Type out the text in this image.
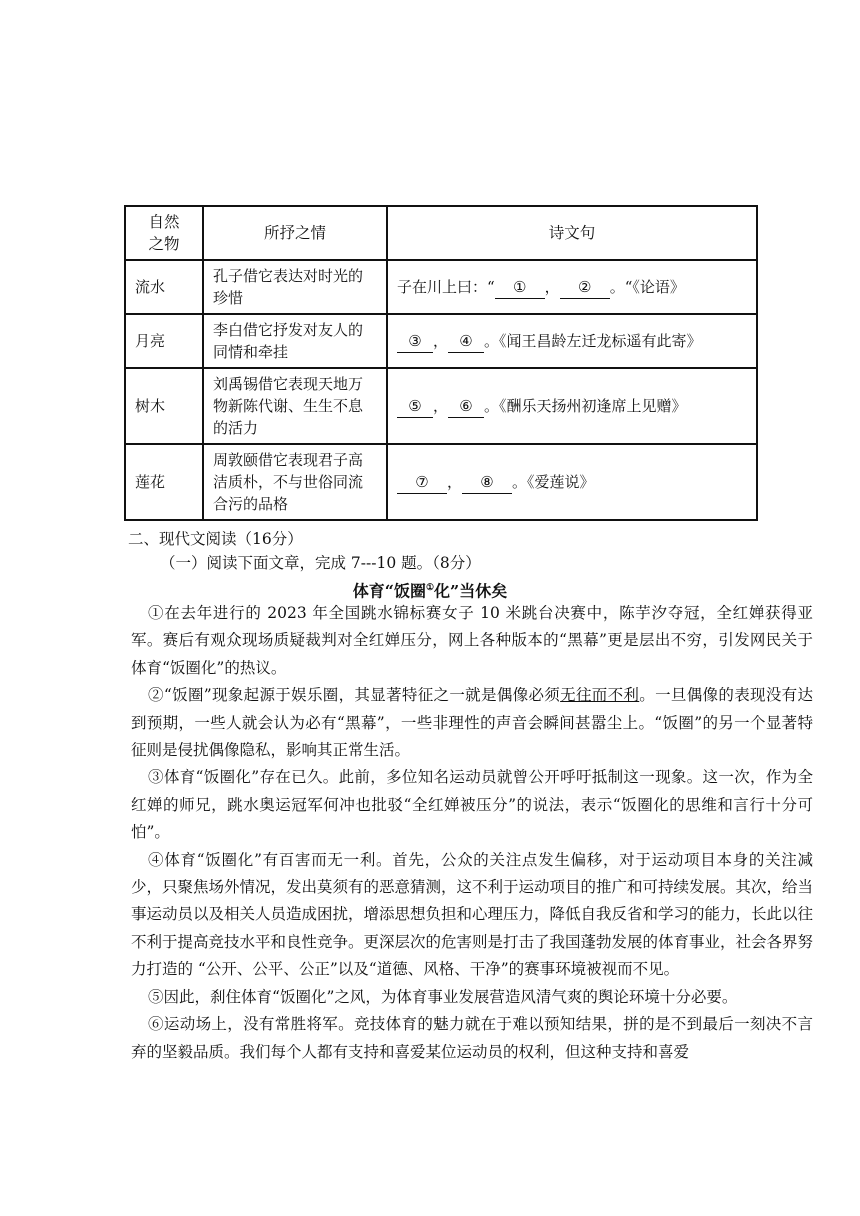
自然
之物	所抒之情	诗文句
流水	孔子借它表达对时光的珍惜	子在川上曰：“ ① ， ② 。“《论语》
月亮	李白借它抒发对友人的同情和牵挂	③ ， ④ 。《闻王昌龄左迁龙标遥有此寄》
树木	刘禹锡借它表现天地万物新陈代谢、生生不息的活力	⑤ ， ⑥ 。《酬乐天扬州初逢席上见赠》
莲花	周敦颐借它表现君子高洁质朴，不与世俗同流合污的品格	⑦ ， ⑧ 。《爱莲说》
二、现代文阅读（16分）
（一）阅读下面文章，完成 7---10 题。（8分）
体育“饭圈①化”当休矣

①在去年进行的 2023 年全国跳水锦标赛女子 10 米跳台决赛中，陈芋汐夺冠，全红婵获得亚军。赛后有观众现场质疑裁判对全红婵压分，网上各种版本的“黑幕”更是层出不穷，引发网民关于体育“饭圈化”的热议。

②“饭圈”现象起源于娱乐圈，其显著特征之一就是偶像必须无往而不利。一旦偶像的表现没有达到预期，一些人就会认为必有“黑幕”，一些非理性的声音会瞬间甚嚣尘上。“饭圈”的另一个显著特征则是侵扰偶像隐私，影响其正常生活。

③体育“饭圈化”存在已久。此前，多位知名运动员就曾公开呼吁抵制这一现象。这一次，作为全红婵的师兄，跳水奥运冠军何冲也批驳“全红婵被压分”的说法，表示“饭圈化的思维和言行十分可怕”。

④体育“饭圈化”有百害而无一利。首先，公众的关注点发生偏移，对于运动项目本身的关注减少，只聚焦场外情况，发出莫须有的恶意猜测，这不利于运动项目的推广和可持续发展。其次，给当事运动员以及相关人员造成困扰，增添思想负担和心理压力，降低自我反省和学习的能力，长此以往不利于提高竞技水平和良性竞争。更深层次的危害则是打击了我国蓬勃发展的体育事业，社会各界努力打造的 “公开、公平、公正”以及“道德、风格、干净”的赛事环境被视而不见。

⑤因此，刹住体育“饭圈化”之风，为体育事业发展营造风清气爽的舆论环境十分必要。

⑥运动场上，没有常胜将军。竞技体育的魅力就在于难以预知结果，拼的是不到最后一刻决不言弃的坚毅品质。我们每个人都有支持和喜爱某位运动员的权利，但这种支持和喜爱
